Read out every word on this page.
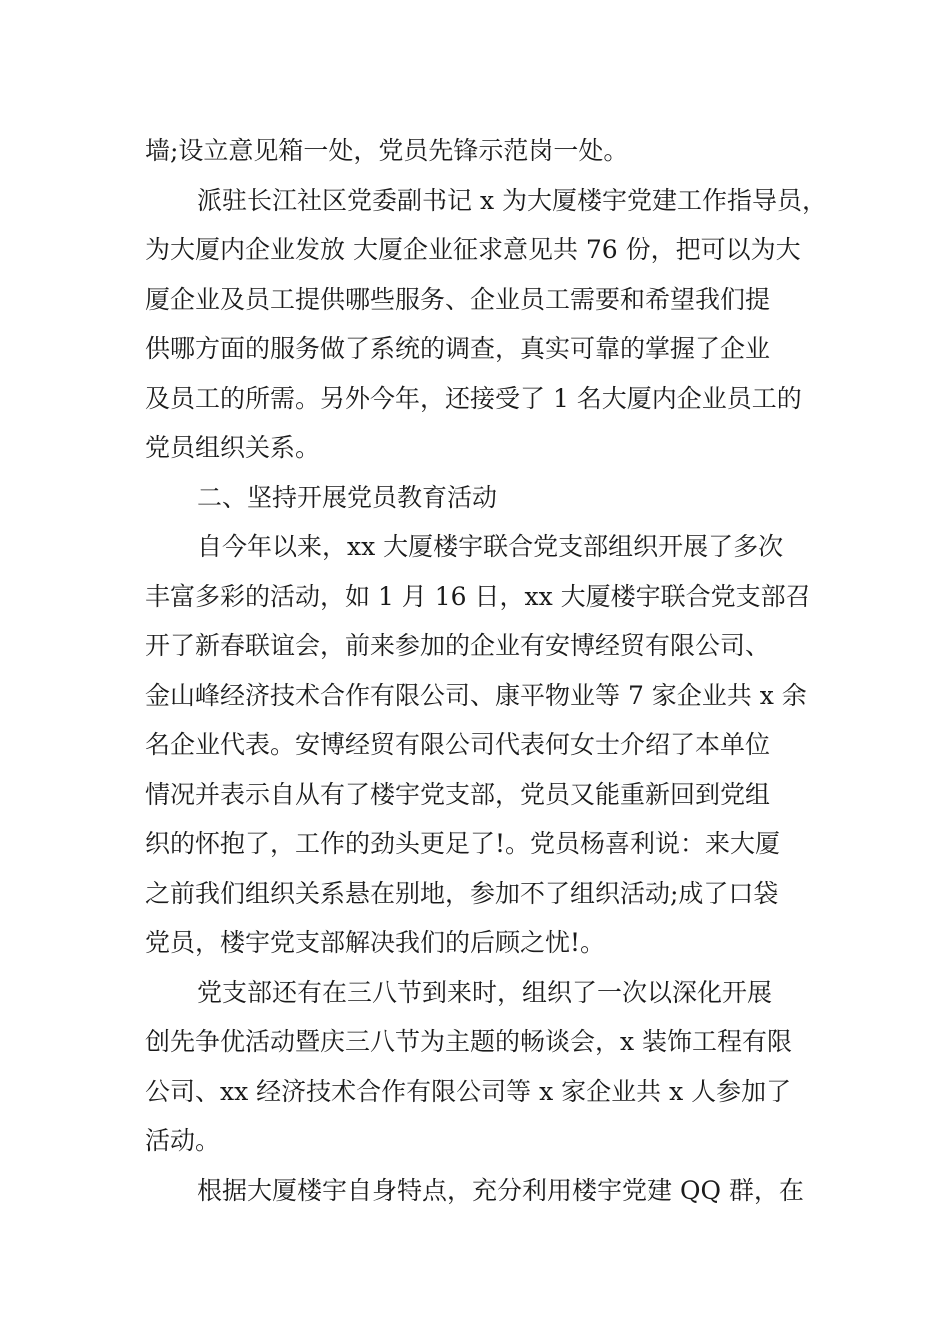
墙;设立意见箱一处，党员先锋示范岗一处。
派驻长江社区党委副书记 x 为大厦楼宇党建工作指导员，
为大厦内企业发放 大厦企业征求意见共 76 份，把可以为大
厦企业及员工提供哪些服务、企业员工需要和希望我们提
供哪方面的服务做了系统的调查，真实可靠的掌握了企业
及员工的所需。另外今年，还接受了 1 名大厦内企业员工的
党员组织关系。
二、坚持开展党员教育活动
自今年以来，xx 大厦楼宇联合党支部组织开展了多次
丰富多彩的活动，如 1 月 16 日，xx 大厦楼宇联合党支部召
开了新春联谊会，前来参加的企业有安博经贸有限公司、
金山峰经济技术合作有限公司、康平物业等 7 家企业共 x 余
名企业代表。安博经贸有限公司代表何女士介绍了本单位
情况并表示自从有了楼宇党支部，党员又能重新回到党组
织的怀抱了，工作的劲头更足了!。党员杨喜利说：来大厦
之前我们组织关系悬在别地，参加不了组织活动;成了口袋
党员，楼宇党支部解决我们的后顾之忧!。
党支部还有在三八节到来时，组织了一次以深化开展
创先争优活动暨庆三八节为主题的畅谈会，x 装饰工程有限
公司、xx 经济技术合作有限公司等 x 家企业共 x 人参加了
活动。
根据大厦楼宇自身特点，充分利用楼宇党建 QQ 群，在
